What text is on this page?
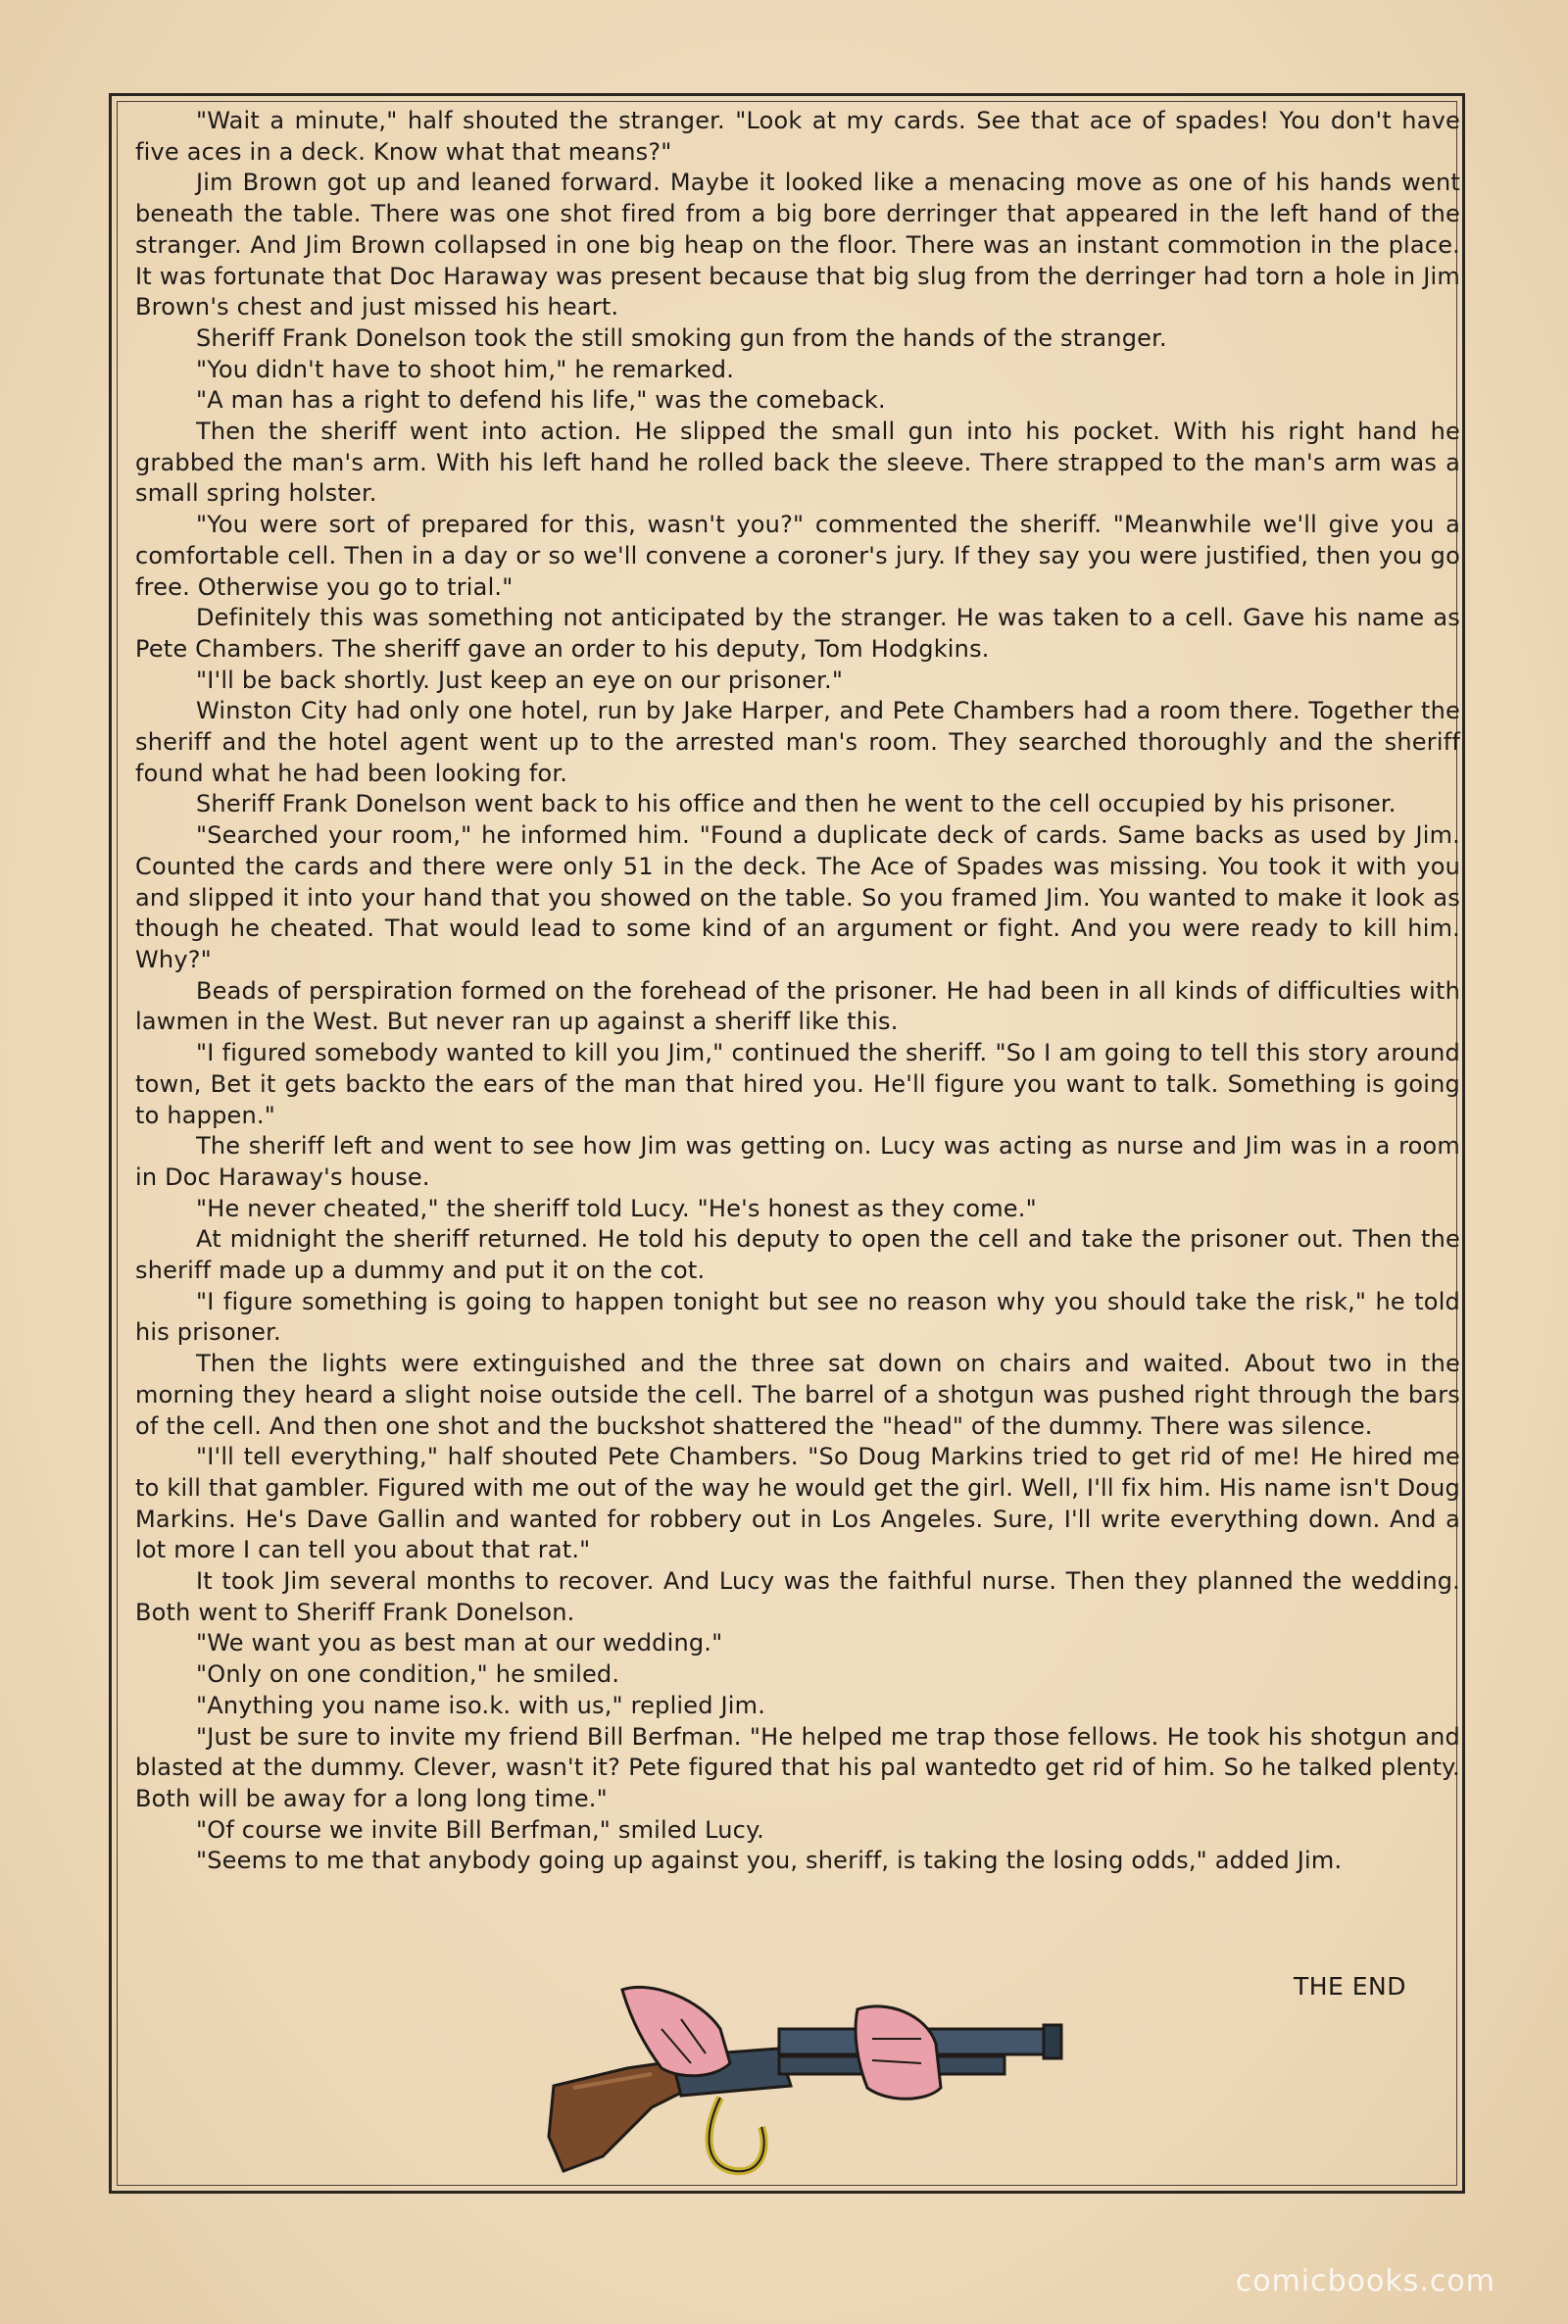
"Wait a minute," half shouted the stranger. "Look at my cards. See that ace of spades! You don't have five aces in a deck. Know what that means?"

Jim Brown got up and leaned forward. Maybe it looked like a menacing move as one of his hands went beneath the table. There was one shot fired from a big bore derringer that appeared in the left hand of the stranger. And Jim Brown collapsed in one big heap on the floor. There was an instant commotion in the place. It was fortunate that Doc Haraway was present because that big slug from the derringer had torn a hole in Jim Brown's chest and just missed his heart.

Sheriff Frank Donelson took the still smoking gun from the hands of the stranger.

"You didn't have to shoot him," he remarked.

"A man has a right to defend his life," was the comeback.

Then the sheriff went into action. He slipped the small gun into his pocket. With his right hand he grabbed the man's arm. With his left hand he rolled back the sleeve. There strapped to the man's arm was a small spring holster.

"You were sort of prepared for this, wasn't you?" commented the sheriff. "Meanwhile we'll give you a comfortable cell. Then in a day or so we'll convene a coroner's jury. If they say you were justified, then you go free. Otherwise you go to trial."

Definitely this was something not anticipated by the stranger. He was taken to a cell. Gave his name as Pete Chambers. The sheriff gave an order to his deputy, Tom Hodgkins.

"I'll be back shortly. Just keep an eye on our prisoner."

Winston City had only one hotel, run by Jake Harper, and Pete Chambers had a room there. Together the sheriff and the hotel agent went up to the arrested man's room. They searched thoroughly and the sheriff found what he had been looking for.

Sheriff Frank Donelson went back to his office and then he went to the cell occupied by his prisoner.

"Searched your room," he informed him. "Found a duplicate deck of cards. Same backs as used by Jim. Counted the cards and there were only 51 in the deck. The Ace of Spades was missing. You took it with you and slipped it into your hand that you showed on the table. So you framed Jim. You wanted to make it look as though he cheated. That would lead to some kind of an argument or fight. And you were ready to kill him. Why?"

Beads of perspiration formed on the forehead of the prisoner. He had been in all kinds of difficulties with lawmen in the West. But never ran up against a sheriff like this.

"I figured somebody wanted to kill you Jim," continued the sheriff. "So I am going to tell this story around town, Bet it gets backto the ears of the man that hired you. He'll figure you want to talk. Something is going to happen."

The sheriff left and went to see how Jim was getting on. Lucy was acting as nurse and Jim was in a room in Doc Haraway's house.

"He never cheated," the sheriff told Lucy. "He's honest as they come."

At midnight the sheriff returned. He told his deputy to open the cell and take the prisoner out. Then the sheriff made up a dummy and put it on the cot.

"I figure something is going to happen tonight but see no reason why you should take the risk," he told his prisoner.

Then the lights were extinguished and the three sat down on chairs and waited. About two in the morning they heard a slight noise outside the cell. The barrel of a shotgun was pushed right through the bars of the cell. And then one shot and the buckshot shattered the "head" of the dummy. There was silence.

"I'll tell everything," half shouted Pete Chambers. "So Doug Markins tried to get rid of me! He hired me to kill that gambler. Figured with me out of the way he would get the girl. Well, I'll fix him. His name isn't Doug Markins. He's Dave Gallin and wanted for robbery out in Los Angeles. Sure, I'll write everything down. And a lot more I can tell you about that rat."

It took Jim several months to recover. And Lucy was the faithful nurse. Then they planned the wedding. Both went to Sheriff Frank Donelson.

"We want you as best man at our wedding."

"Only on one condition," he smiled.

"Anything you name iso.k. with us," replied Jim.

"Just be sure to invite my friend Bill Berfman. "He helped me trap those fellows. He took his shotgun and blasted at the dummy. Clever, wasn't it? Pete figured that his pal wantedto get rid of him. So he talked plenty. Both will be away for a long long time."

"Of course we invite Bill Berfman," smiled Lucy.

"Seems to me that anybody going up against you, sheriff, is taking the losing odds," added Jim.

THE END
comicbooks.com
